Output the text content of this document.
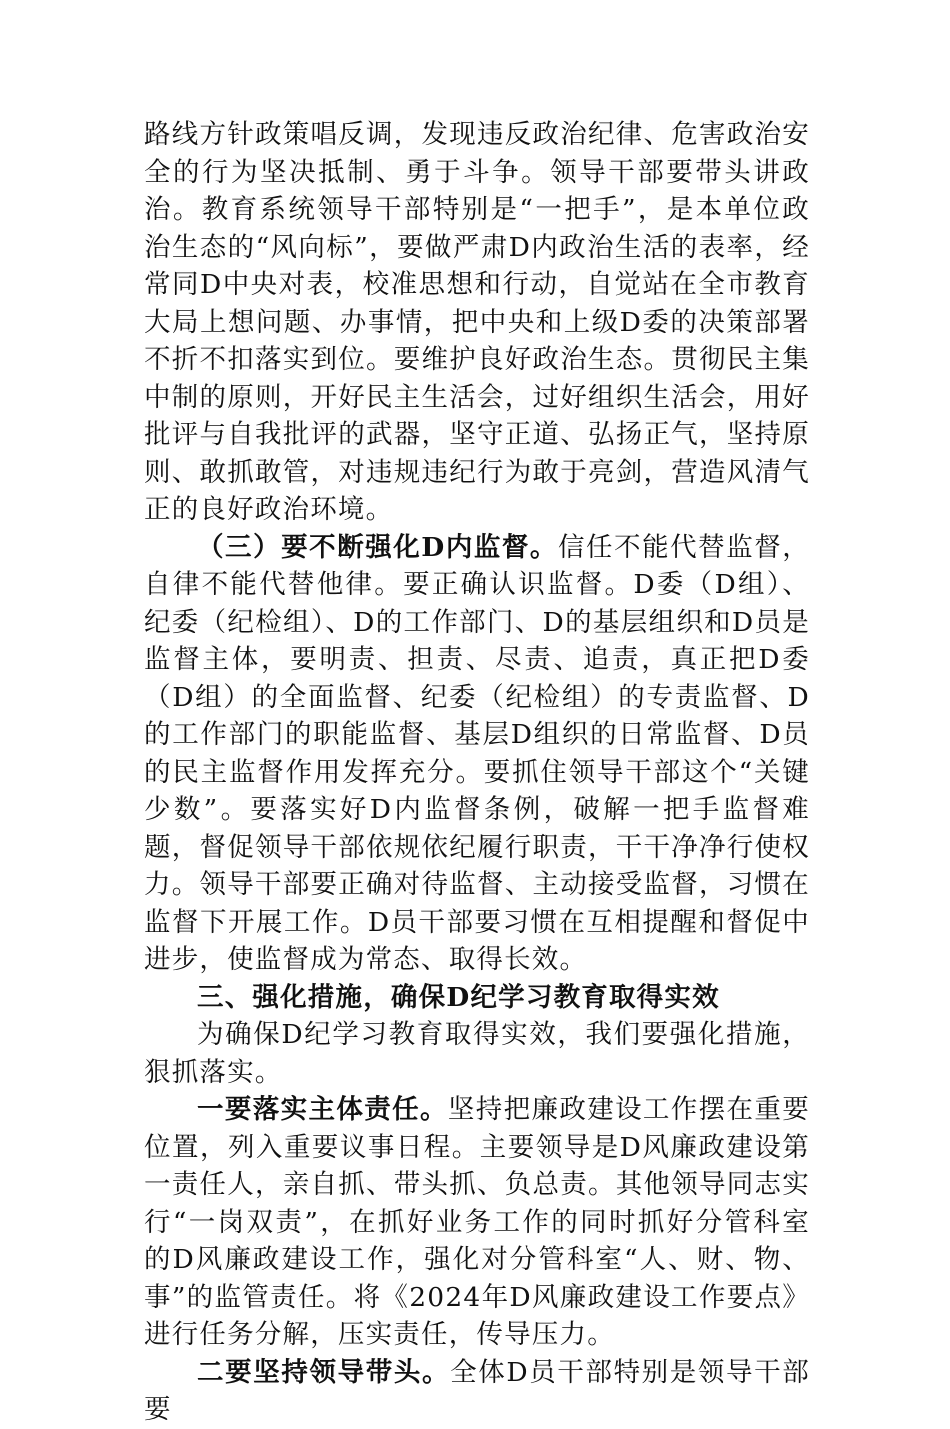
路线方针政策唱反调，发现违反政治纪律、危害政治安全的行为坚决抵制、勇于斗争。领导干部要带头讲政治。教育系统领导干部特别是“一把手”，是本单位政治生态的“风向标”，要做严肃D内政治生活的表率，经常同D中央对表，校准思想和行动，自觉站在全市教育大局上想问题、办事情，把中央和上级D委的决策部署不折不扣落实到位。要维护良好政治生态。贯彻民主集中制的原则，开好民主生活会，过好组织生活会，用好批评与自我批评的武器，坚守正道、弘扬正气，坚持原则、敢抓敢管，对违规违纪行为敢于亮剑，营造风清气正的良好政治环境。

（三）要不断强化D内监督。信任不能代替监督，自律不能代替他律。要正确认识监督。D委（D组）、纪委（纪检组）、D的工作部门、D的基层组织和D员是监督主体，要明责、担责、尽责、追责，真正把D委（D组）的全面监督、纪委（纪检组）的专责监督、D的工作部门的职能监督、基层D组织的日常监督、D员的民主监督作用发挥充分。要抓住领导干部这个“关键少数”。要落实好D内监督条例，破解一把手监督难题，督促领导干部依规依纪履行职责，干干净净行使权力。领导干部要正确对待监督、主动接受监督，习惯在监督下开展工作。D员干部要习惯在互相提醒和督促中进步，使监督成为常态、取得长效。

三、强化措施，确保D纪学习教育取得实效

为确保D纪学习教育取得实效，我们要强化措施，狠抓落实。

一要落实主体责任。坚持把廉政建设工作摆在重要位置，列入重要议事日程。主要领导是D风廉政建设第一责任人，亲自抓、带头抓、负总责。其他领导同志实行“一岗双责”，在抓好业务工作的同时抓好分管科室的D风廉政建设工作，强化对分管科室“人、财、物、事”的监管责任。将《2024年D风廉政建设工作要点》进行任务分解，压实责任，传导压力。

二要坚持领导带头。全体D员干部特别是领导干部要
